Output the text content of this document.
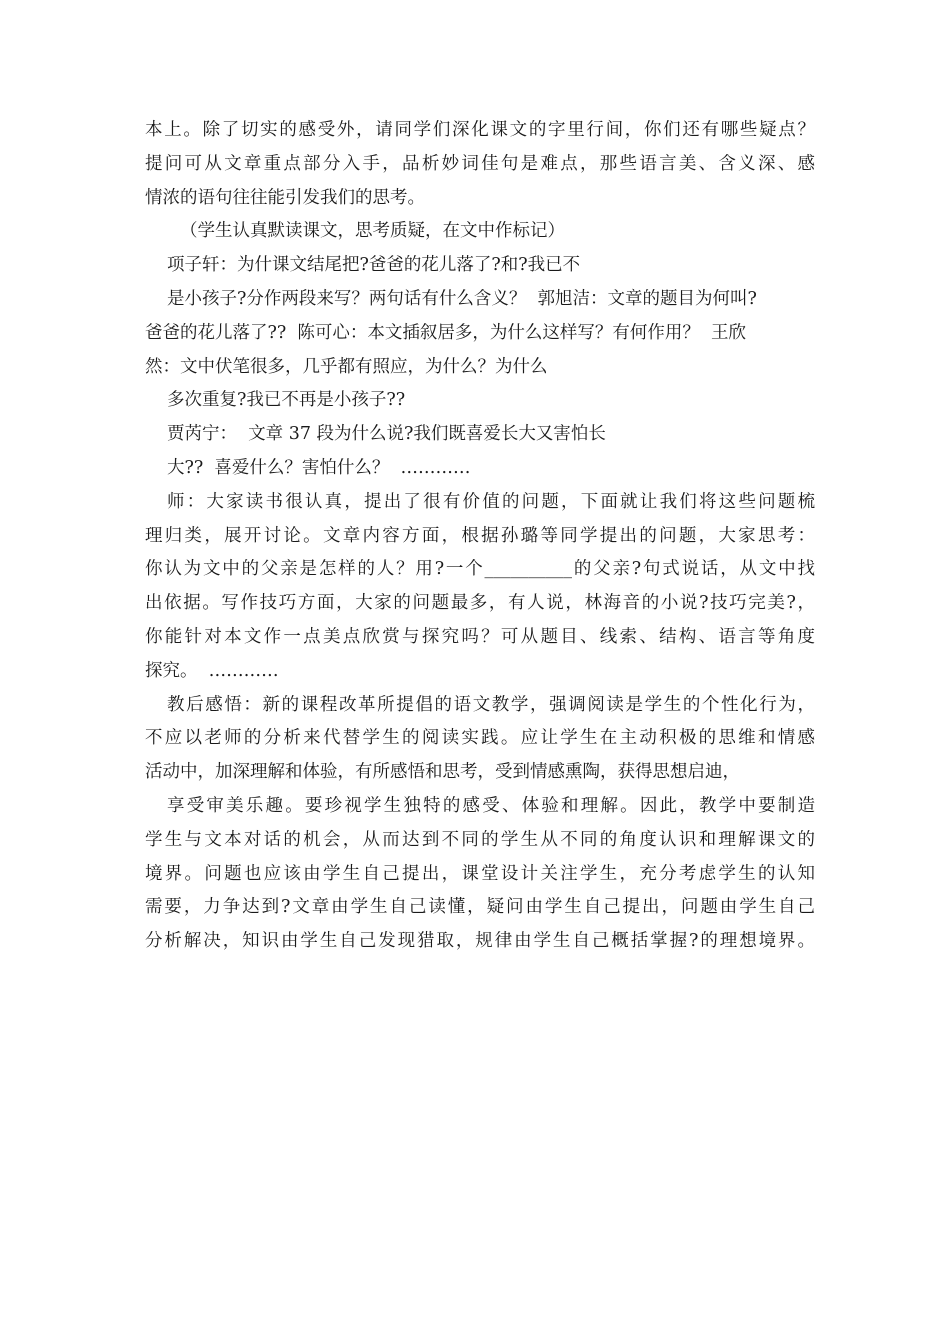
本上。除了切实的感受外，请同学们深化课文的字里行间，你们还有哪些疑点？
提问可从文章重点部分入手，品析妙词佳句是难点，那些语言美、含义深、感
情浓的语句往往能引发我们的思考。
（学生认真默读课文，思考质疑，在文中作标记）
项子轩：为什课文结尾把?爸爸的花儿落了?和?我已不
是小孩子?分作两段来写？两句话有什么含义？  郭旭洁：文章的题目为何叫?
爸爸的花儿落了??  陈可心：本文插叙居多，为什么这样写？有何作用？  王欣
然：文中伏笔很多，几乎都有照应，为什么？为什么
多次重复?我已不再是小孩子??
贾芮宁：  文章 37 段为什么说?我们既喜爱长大又害怕长
大??  喜爱什么？害怕什么？  …………
师：大家读书很认真，提出了很有价值的问题，下面就让我们将这些问题梳
理归类，展开讨论。文章内容方面，根据孙璐等同学提出的问题，大家思考：
你认为文中的父亲是怎样的人？用?一个__________的父亲?句式说话，从文中找
出依据。写作技巧方面，大家的问题最多，有人说，林海音的小说?技巧完美?，
你能针对本文作一点美点欣赏与探究吗？可从题目、线索、结构、语言等角度
探究。  …………
教后感悟：新的课程改革所提倡的语文教学，强调阅读是学生的个性化行为，
不应以老师的分析来代替学生的阅读实践。应让学生在主动积极的思维和情感
活动中，加深理解和体验，有所感悟和思考，受到情感熏陶，获得思想启迪，
享受审美乐趣。要珍视学生独特的感受、体验和理解。因此，教学中要制造
学生与文本对话的机会，从而达到不同的学生从不同的角度认识和理解课文的
境界。问题也应该由学生自己提出，课堂设计关注学生，充分考虑学生的认知
需要，力争达到?文章由学生自己读懂，疑问由学生自己提出，问题由学生自己
分析解决，知识由学生自己发现猎取，规律由学生自己概括掌握?的理想境界。
